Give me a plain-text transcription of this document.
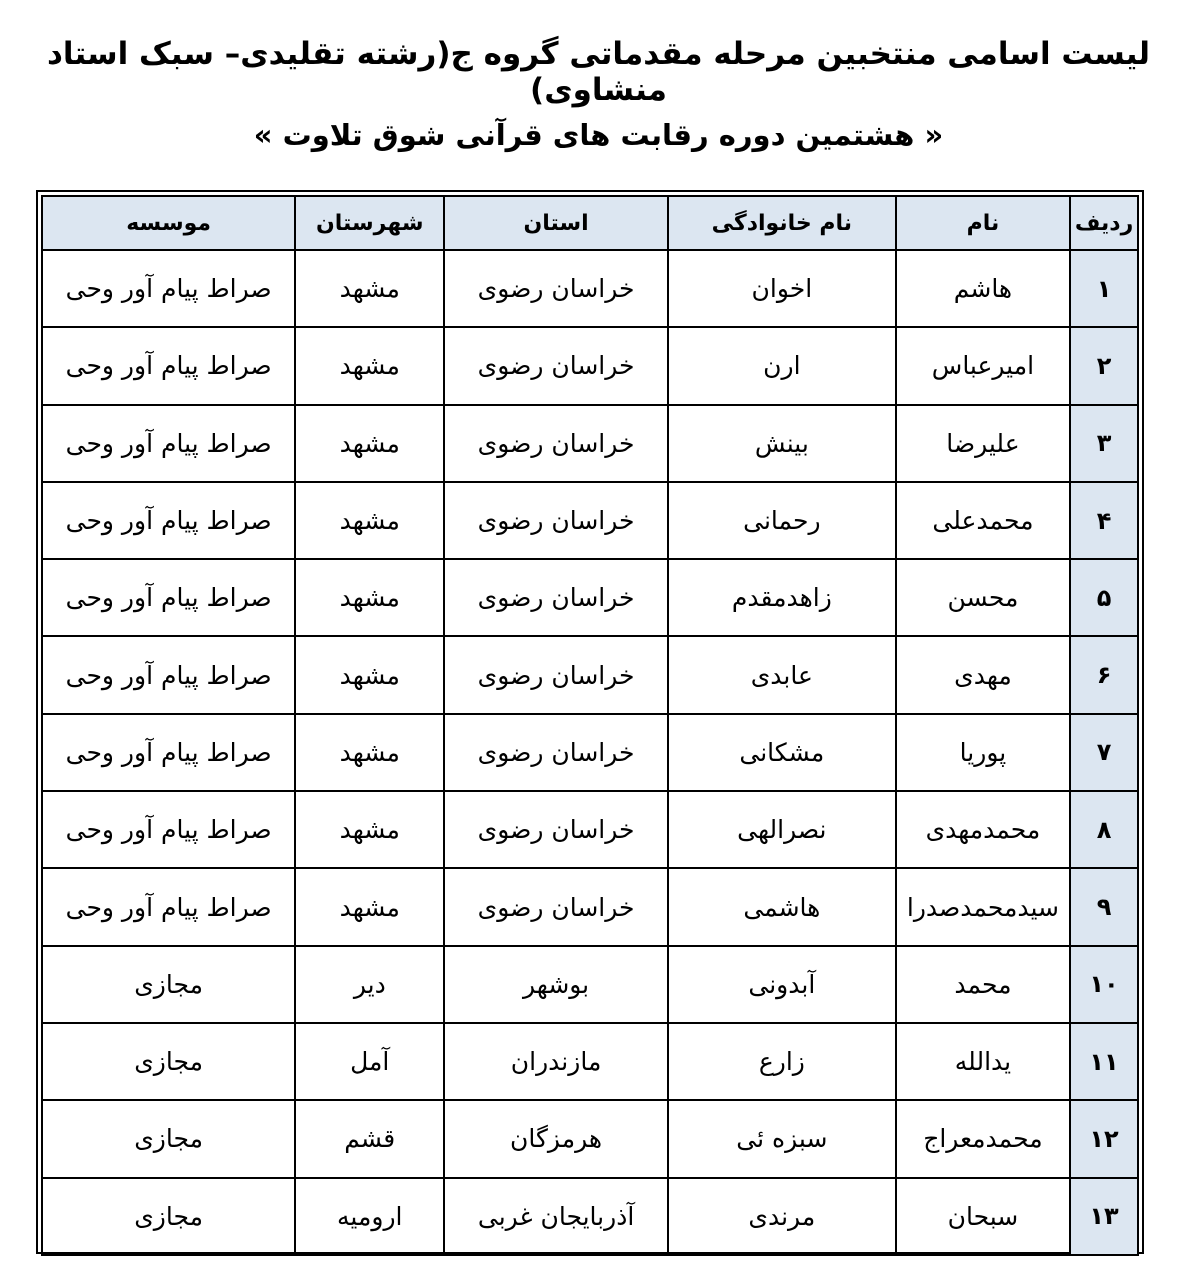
لیست اسامی منتخبین مرحله مقدماتی گروه ج(رشته تقلیدی– سبک استاد منشاوی)
« هشتمین دوره رقابت های قرآنی شوق تلاوت »
ردیف	نام	نام خانوادگی	استان	شهرستان	موسسه
۱	هاشم	اخوان	خراسان رضوی	مشهد	صراط پیام آور وحی
۲	امیرعباس	ارن	خراسان رضوی	مشهد	صراط پیام آور وحی
۳	علیرضا	بینش	خراسان رضوی	مشهد	صراط پیام آور وحی
۴	محمدعلی	رحمانی	خراسان رضوی	مشهد	صراط پیام آور وحی
۵	محسن	زاهدمقدم	خراسان رضوی	مشهد	صراط پیام آور وحی
۶	مهدی	عابدی	خراسان رضوی	مشهد	صراط پیام آور وحی
۷	پوریا	مشکانی	خراسان رضوی	مشهد	صراط پیام آور وحی
۸	محمدمهدی	نصرالهی	خراسان رضوی	مشهد	صراط پیام آور وحی
۹	سیدمحمدصدرا	هاشمی	خراسان رضوی	مشهد	صراط پیام آور وحی
۱۰	محمد	آبدونی	بوشهر	دیر	مجازی
۱۱	یدالله	زارع	مازندران	آمل	مجازی
۱۲	محمدمعراج	سبزه ئی	هرمزگان	قشم	مجازی
۱۳	سبحان	مرندی	آذربایجان غربی	ارومیه	مجازی
